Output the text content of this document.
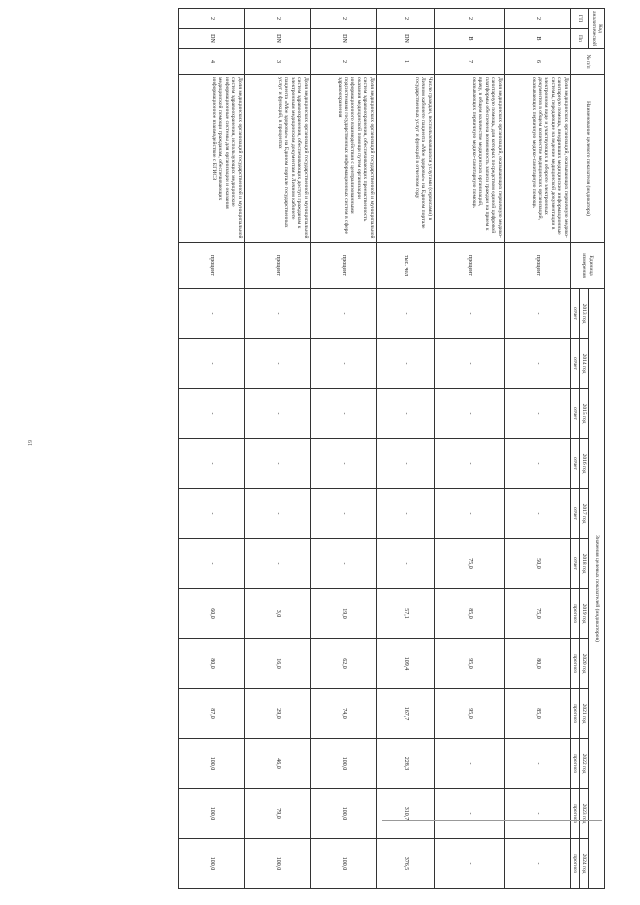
19
Код аналитической		№ п/п	Наименование целевого показателя (индикатора)	Единица измерения	Значения целевых показателей (индикаторов)											
ГП	Пп				2013 год	2014 год	2015 год	2016 год	2017 год	2018 год	2019 год	2020 год	2021 год	2022 год	2023 год	2024 год
					отчет	отчет	отчет	отчет	отчет	отчет	прогноз	прогноз	прогноз	прогноз	прогноз	прогноз
2	В	6	Доля медицинских организаций, оказывающих первичную медико-санитарную помощь, внедривших медицинские информационные системы, передающие на ведение медицинской документации в электронном виде и участвующих в обороте электронных документов в общем количестве медицинских организаций, оказывающих первичную медико-санитарную помощь	процент	-	-	-	-	-	50,0	75,0	80,0	85,0	-	-	-
2	В	7	Доля медицинских организаций, оказывающих первичную медико-санитарную помощь, для которых посредством единой цифровой платформы обеспечена возможность записи граждан на прием к врачу, в общем количестве медицинских организаций, оказывающих первичную медико-санитарную помощь	процент	-	-	-	-	-	75,0	85,0	95,0	95,0	-	-	-
2	DN	1	Число граждан, воспользовавшихся услугами (сервисами) в Личном кабинете пациента «Мое здоровье» на Едином портале государственных услуг и функций в отчетном году	тыс. чел	-	-	-	-	-	-	57,1	109,4	167,7	228,3	310,7	376,5
2	DN	2	Доля медицинских организаций государственной и муниципальной систем здравоохранения, обеспечивающих преемственность оказания медицинской помощи путем организации информационного взаимодействия с централизованными подсистемами государственных информационных систем в сфере здравоохранения	процент	-	-	-	-	-	-	19,0	62,0	74,0	100,0	100,0	100,0
2	DN	3	Доля медицинских организаций государственной и муниципальной систем здравоохранения, обеспечивающих доступ гражданам к электронным медицинским документам в Личном кабинете пациента «Мое здоровье» на Едином портале государственных услуг и функций, в процентах	процент	-	-	-	-	-	-	3,0	16,0	29,0	46,0	79,0	100,0
2	DN	4	Доля медицинских организаций государственной и муниципальной систем здравоохранения, использующих медицинские информационные системы для организации и оказания медицинской помощи гражданам, обеспечивающих информационное взаимодействие с ЕГИСЗ	процент	-	-	-	-	-	-	60,0	80,0	87,0	100,0	100,0	100,0
